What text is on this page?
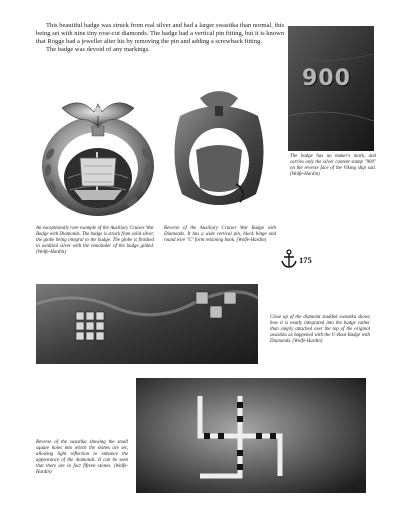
This beautiful badge was struck from real silver and had a larger swastika than normal, this being set with nine tiny rose-cut diamonds. The badge had a vertical pin fitting, but it is known that Rogge had a jeweller alter his by removing the pin and adding a screwback fitting.

The badge was devoid of any markings.

900
The badge has no maker's mark, and carries only the silver content stamp "900" on the reverse face of the Viking ship sail. (Wolfe-Hardin)
An exceptionally rare example of the Auxiliary Cruiser War Badge with Diamonds. The badge is struck from solid silver, the globe being integral to the badge. The globe is finished in oxidized silver with the remainder of the badge gilded. (Wolfe-Hardin)
Reverse of the Auxiliary Cruiser War Badge with Diamonds. It has a wide vertical pin, block hinge and round wire "C" form retaining hook. (Wolfe-Hardin)
175
Close up of the diamond studded swastika shows how it is neatly integrated into the badge rather than simply attached over the top of the original swastika as happened with the U-Boat Badge with Diamonds. (Wolfe-Hardin)
Reverse of the swastika showing the small square holes into which the stones are set, allowing light reflection to enhance the appearance of the diamonds. It can be seen that there are in fact fifteen stones. (Wolfe-Hardin)
